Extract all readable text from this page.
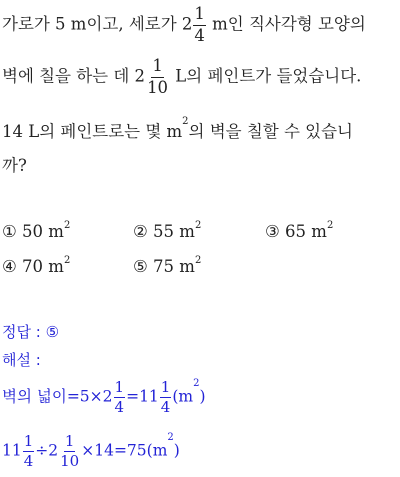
가로가 5 m이고, 세로가 $2 \frac{1}{4}$ m인 직사각형 모양의
벽에 칠을 하는 데 $2 \frac{1}{10}$ L의 페인트가 들었습니다.
14 L의 페인트로는 몇 $m^2$의 벽을 칠할 수 있습니
까?
① 50 $m^2$	② 55 $m^2$	③ 65 $m^2$
④ 70 $m^2$	⑤ 75 $m^2$
정답 : ⑤
해설 :
벽의 넓이$=5\times 2 \frac{1}{4} =11 \frac{1}{4} (m^2)$
$11 \frac{1}{4} \div 2 \frac{1}{10} \times 14=75(m^2)$
